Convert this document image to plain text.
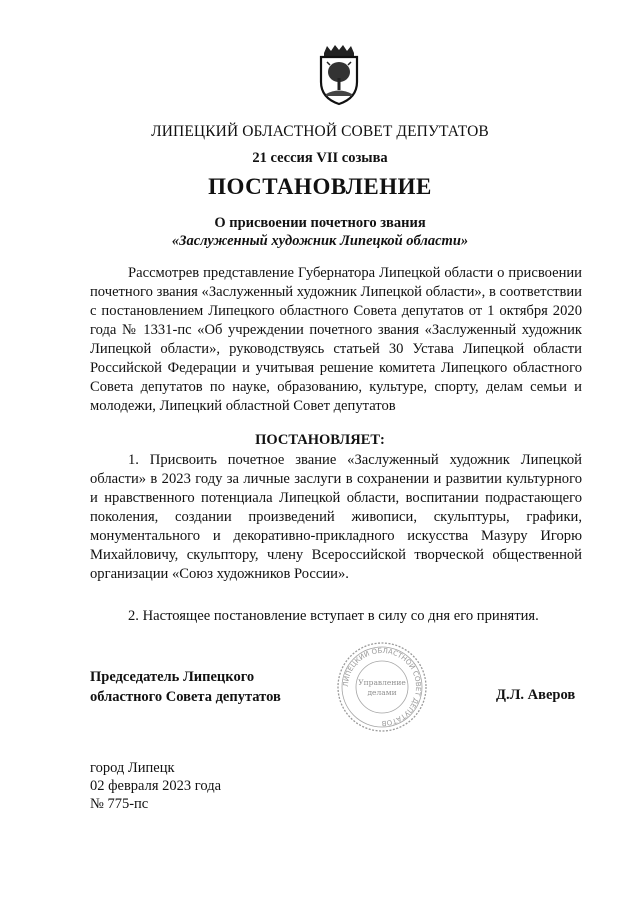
ЛИПЕЦКИЙ ОБЛАСТНОЙ СОВЕТ ДЕПУТАТОВ
21 сессия VII созыва
ПОСТАНОВЛЕНИЕ
О присвоении почетного звания
«Заслуженный художник Липецкой области»

Рассмотрев представление Губернатора Липецкой области о присвоении почетного звания «Заслуженный художник Липецкой области», в соответствии с постановлением Липецкого областного Совета депутатов от 1 октября 2020 года № 1331-пс «Об учреждении почетного звания «Заслуженный художник Липецкой области», руководствуясь статьей 30 Устава Липецкой области Российской Федерации и учитывая решение комитета Липецкого областного Совета депутатов по науке, образованию, культуре, спорту, делам семьи и молодежи, Липецкий областной Совет депутатов

ПОСТАНОВЛЯЕТ:

1. Присвоить почетное звание «Заслуженный художник Липецкой области» в 2023 году за личные заслуги в сохранении и развитии культурного и нравственного потенциала Липецкой области, воспитании подрастающего поколения, создании произведений живописи, скульптуры, графики, монументального и декоративно-прикладного искусства Мазуру Игорю Михайловичу, скульптору, члену Всероссийской творческой общественной организации «Союз художников России».

2. Настоящее постановление вступает в силу со дня его принятия.

ЛИПЕЦКИЙ ОБЛАСТНОЙ СОВЕТ ДЕПУТАТОВ
Управление
делами
Председатель Липецкого
областного Совета депутатов	Д.Л. Аверов
город Липецк
02 февраля 2023 года
№ 775-пс
